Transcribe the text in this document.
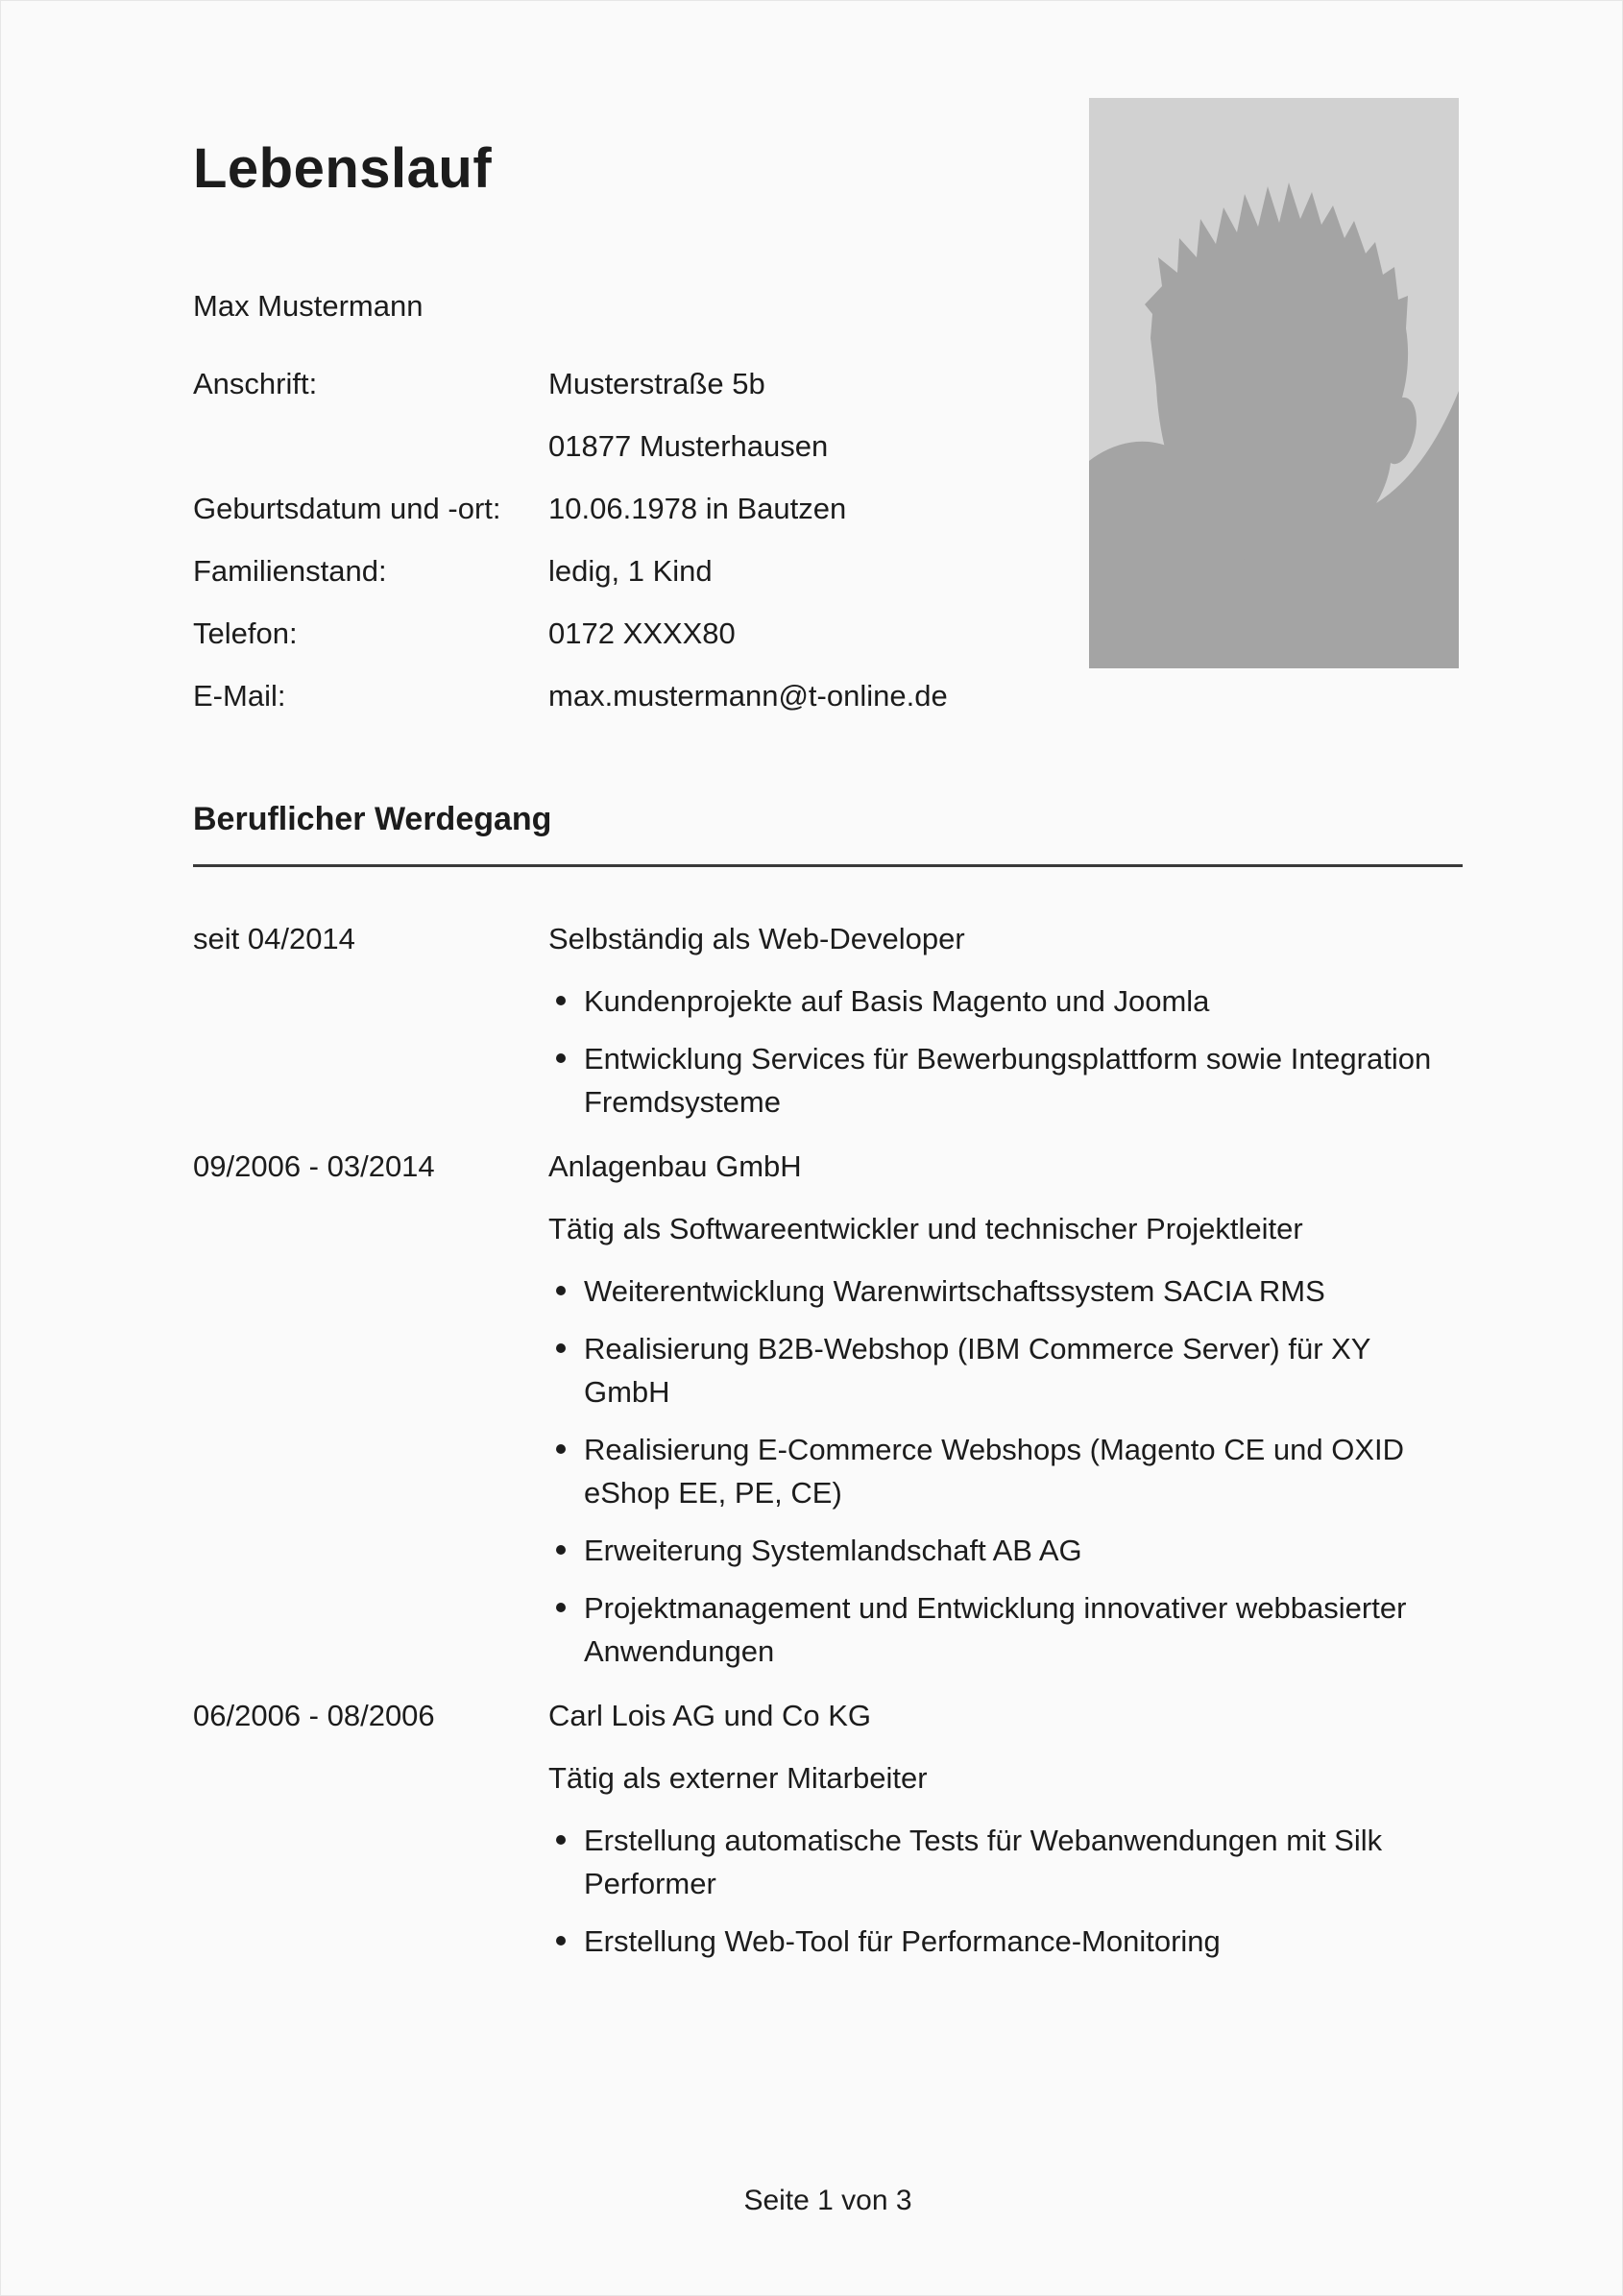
Lebenslauf

Max Mustermann

Anschrift:	Musterstraße 5b
01877 Musterhausen
Geburtsdatum und -ort:	10.06.1978 in Bautzen
Familienstand:	ledig, 1 Kind
Telefon:	0172 XXXX80
E-Mail:	max.mustermann@t-online.de
Beruflicher Werdegang
seit 04/2014	Selbständig als Web-Developer

Kundenprojekte auf Basis Magento und Joomla
Entwicklung Services für Bewerbungsplattform sowie Integration Fremdsysteme
09/2006 - 03/2014	Anlagenbau GmbH

Tätig als Softwareentwickler und technischer Projektleiter

Weiterentwicklung Warenwirtschaftssystem SACIA RMS
Realisierung B2B-Webshop (IBM Commerce Server) für XY GmbH
Realisierung E-Commerce Webshops (Magento CE und OXID eShop EE, PE, CE)
Erweiterung Systemlandschaft AB AG
Projektmanagement und Entwicklung innovativer webbasierter Anwendungen
06/2006 - 08/2006	Carl Lois AG und Co KG

Tätig als externer Mitarbeiter

Erstellung automatische Tests für Webanwendungen mit Silk Performer
Erstellung Web-Tool für Performance-Monitoring
Seite 1 von 3
